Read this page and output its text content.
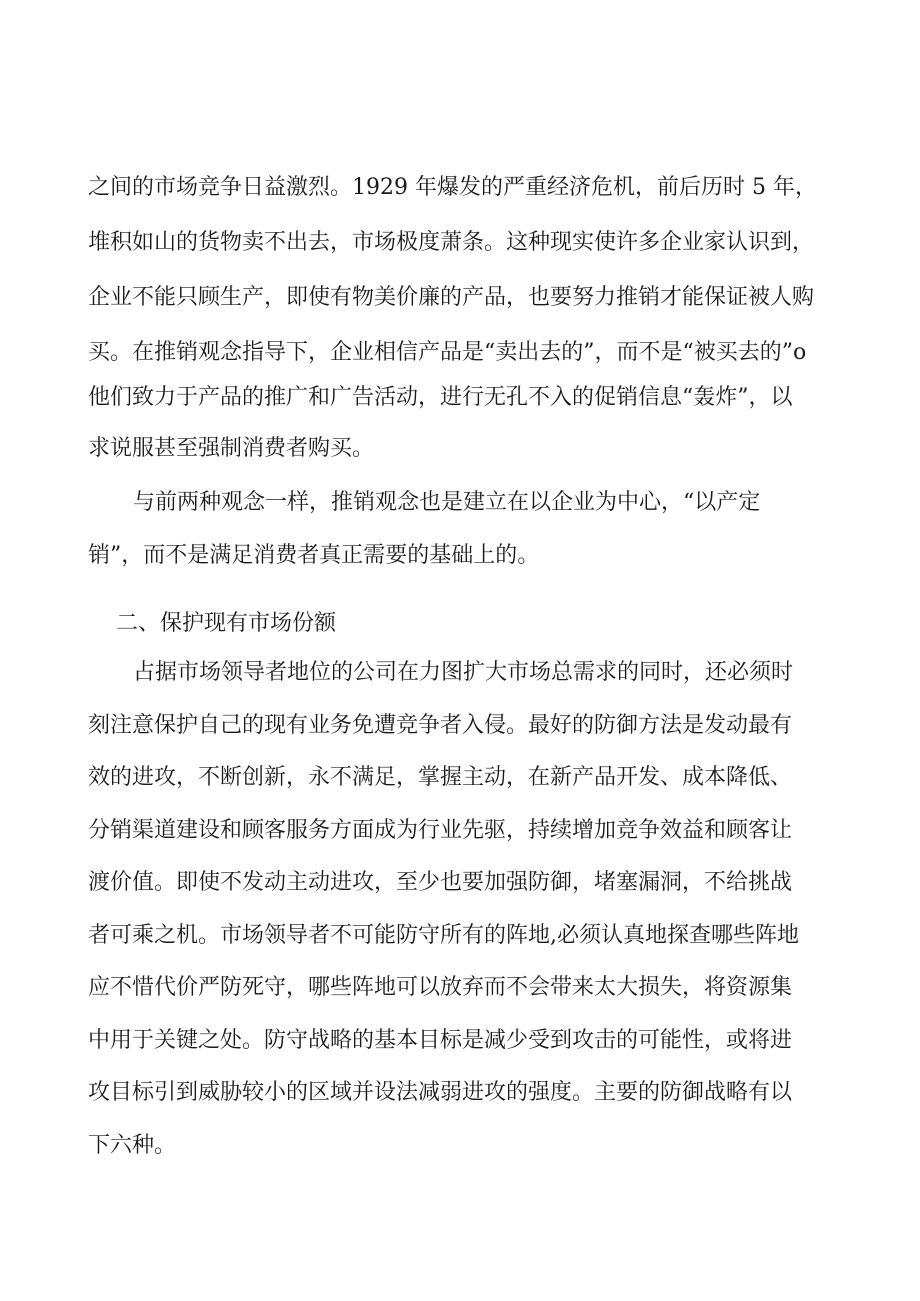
之间的市场竞争日益激烈。1929 年爆发的严重经济危机，前后历时 5 年，
堆积如山的货物卖不出去，市场极度萧条。这种现实使许多企业家认识到，
企业不能只顾生产，即使有物美价廉的产品，也要努力推销才能保证被人购
买。在推销观念指导下，企业相信产品是“卖出去的”，而不是“被买去的”o
他们致力于产品的推广和广告活动，进行无孔不入的促销信息“轰炸”，以
求说服甚至强制消费者购买。
与前两种观念一样，推销观念也是建立在以企业为中心，“以产定
销”，而不是满足消费者真正需要的基础上的。
二、保护现有市场份额
占据市场领导者地位的公司在力图扩大市场总需求的同时，还必须时
刻注意保护自己的现有业务免遭竞争者入侵。最好的防御方法是发动最有
效的进攻，不断创新，永不满足，掌握主动，在新产品开发、成本降低、
分销渠道建设和顾客服务方面成为行业先驱，持续增加竞争效益和顾客让
渡价值。即使不发动主动进攻，至少也要加强防御，堵塞漏洞，不给挑战
者可乘之机。市场领导者不可能防守所有的阵地,必须认真地探查哪些阵地
应不惜代价严防死守，哪些阵地可以放弃而不会带来太大损失，将资源集
中用于关键之处。防守战略的基本目标是减少受到攻击的可能性，或将进
攻目标引到威胁较小的区域并设法减弱进攻的强度。主要的防御战略有以
下六种。
